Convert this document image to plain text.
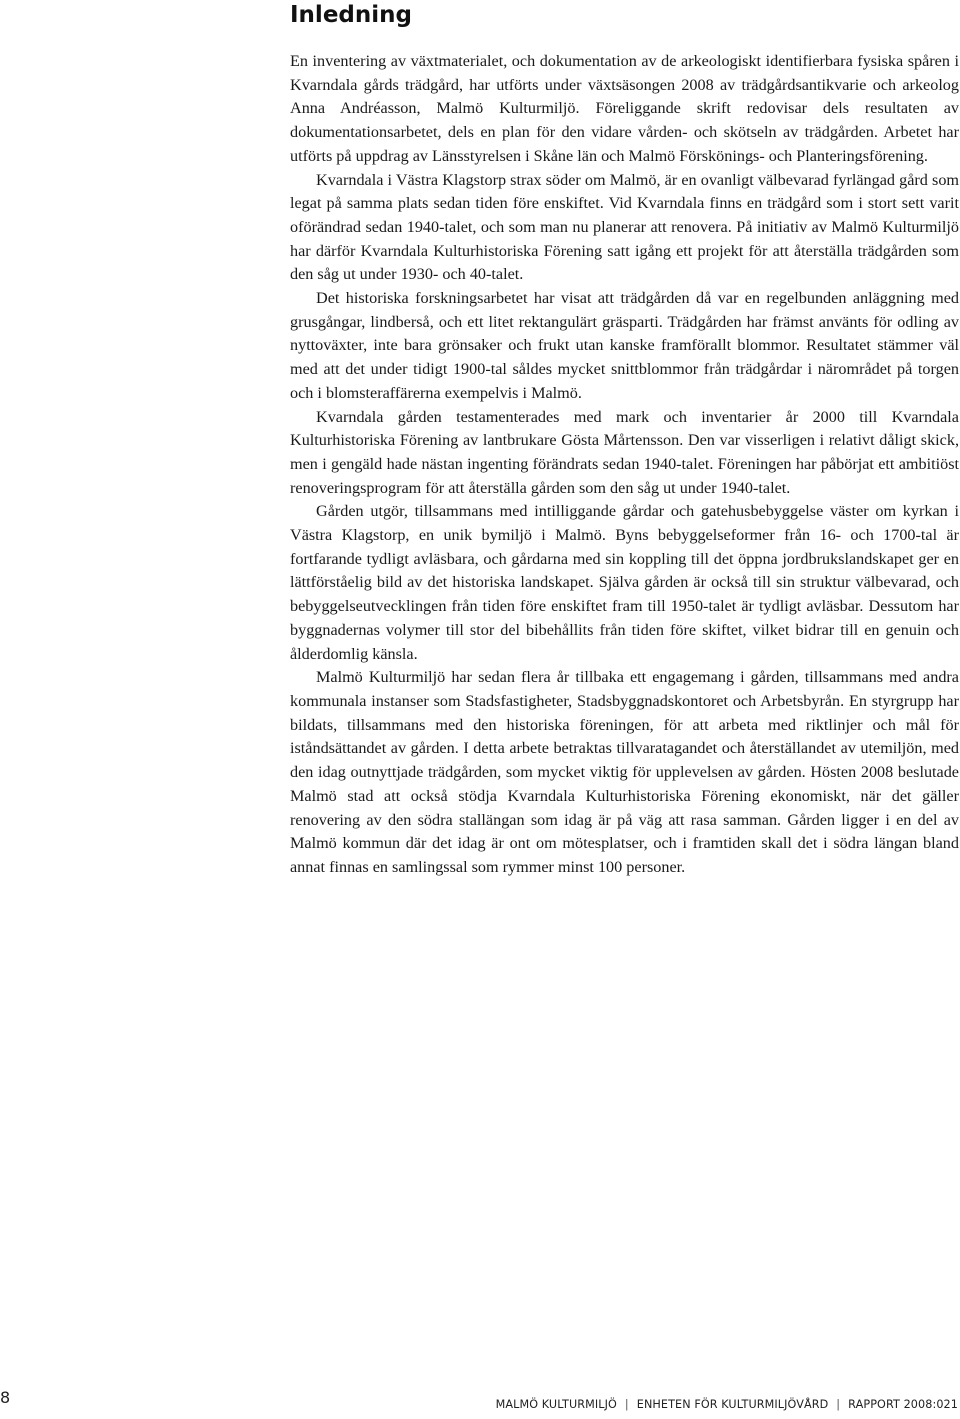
Inledning

En inventering av växtmaterialet, och dokumentation av de arkeologiskt identifierbara fysiska spåren i Kvarndala gårds trädgård, har utförts under växtsäsongen 2008 av trädgårdsantikvarie och arkeolog Anna Andréasson, Malmö Kulturmiljö. Föreliggande skrift redovisar dels resultaten av dokumentationsarbetet, dels en plan för den vidare vården- och skötseln av trädgården. Arbetet har utförts på uppdrag av Länsstyrelsen i Skåne län och Malmö Förskönings- och Planteringsförening.

Kvarndala i Västra Klagstorp strax söder om Malmö, är en ovanligt välbevarad fyrlängad gård som legat på samma plats sedan tiden före enskiftet. Vid Kvarndala finns en trädgård som i stort sett varit oförändrad sedan 1940-talet, och som man nu planerar att renovera. På initiativ av Malmö Kulturmiljö har därför Kvarndala Kulturhistoriska Förening satt igång ett projekt för att återställa trädgården som den såg ut under 1930- och 40-talet.

Det historiska forskningsarbetet har visat att trädgården då var en regelbunden anläggning med grusgångar, lindberså, och ett litet rektangulärt gräsparti. Trädgården har främst använts för odling av nyttoväxter, inte bara grönsaker och frukt utan kanske framförallt blommor. Resultatet stämmer väl med att det under tidigt 1900-tal såldes mycket snittblommor från trädgårdar i närområdet på torgen och i blomsteraffärerna exempelvis i Malmö.

Kvarndala gården testamenterades med mark och inventarier år 2000 till Kvarndala Kulturhistoriska Förening av lantbrukare Gösta Mårtensson. Den var visserligen i relativt dåligt skick, men i gengäld hade nästan ingenting förändrats sedan 1940-talet. Föreningen har påbörjat ett ambitiöst renoveringsprogram för att återställa gården som den såg ut under 1940-talet.

Gården utgör, tillsammans med intilliggande gårdar och gatehusbebyggelse väster om kyrkan i Västra Klagstorp, en unik bymiljö i Malmö. Byns bebyggelseformer från 16- och 1700-tal är fortfarande tydligt avläsbara, och gårdarna med sin koppling till det öppna jordbrukslandskapet ger en lättförståelig bild av det historiska landskapet. Själva gården är också till sin struktur välbevarad, och bebyggelseutvecklingen från tiden före enskiftet fram till 1950-talet är tydligt avläsbar. Dessutom har byggnadernas volymer till stor del bibehållits från tiden före skiftet, vilket bidrar till en genuin och ålderdomlig känsla.

Malmö Kulturmiljö har sedan flera år tillbaka ett engagemang i gården, tillsammans med andra kommunala instanser som Stadsfastigheter, Stadsbyggnadskontoret och Arbetsbyrån. En styrgrupp har bildats, tillsammans med den historiska föreningen, för att arbeta med riktlinjer och mål för iståndsättandet av gården. I detta arbete betraktas tillvaratagandet och återställandet av utemiljön, med den idag outnyttjade trädgården, som mycket viktig för upplevelsen av gården. Hösten 2008 beslutade Malmö stad att också stödja Kvarndala Kulturhistoriska Förening ekonomiskt, när det gäller renovering av den södra stallängan som idag är på väg att rasa samman. Gården ligger i en del av Malmö kommun där det idag är ont om mötesplatser, och i framtiden skall det i södra längan bland annat finnas en samlingssal som rymmer minst 100 personer.

8	MALMÖ KULTURMILJÖ | ENHETEN FÖR KULTURMILJÖVÅRD | RAPPORT 2008:021
